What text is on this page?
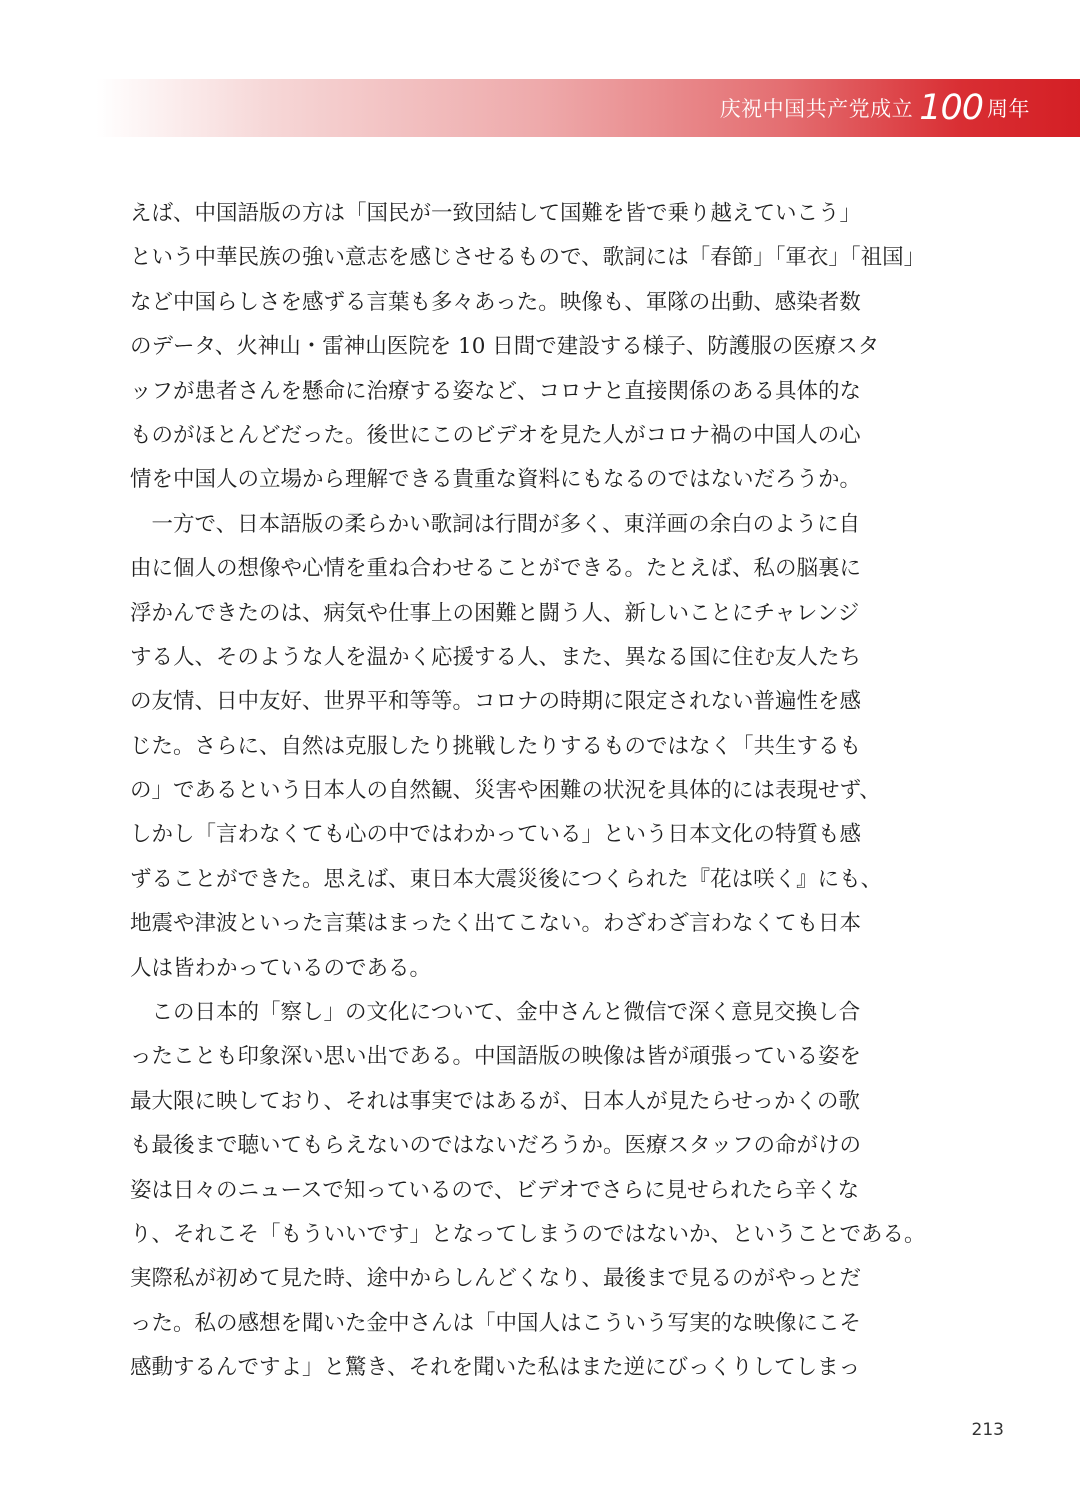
庆祝中国共产党成立 100 周年
えば、中国語版の方は「国民が一致団結して国難を皆で乗り越えていこう」
という中華民族の強い意志を感じさせるもので、歌詞には「春節」「軍衣」「祖国」
など中国らしさを感ずる言葉も多々あった。映像も、軍隊の出動、感染者数
のデータ、火神山・雷神山医院を 10 日間で建設する様子、防護服の医療スタ
ッフが患者さんを懸命に治療する姿など、コロナと直接関係のある具体的な
ものがほとんどだった。後世にこのビデオを見た人がコロナ禍の中国人の心
情を中国人の立場から理解できる貴重な資料にもなるのではないだろうか。
　一方で、日本語版の柔らかい歌詞は行間が多く、東洋画の余白のように自
由に個人の想像や心情を重ね合わせることができる。たとえば、私の脳裏に
浮かんできたのは、病気や仕事上の困難と闘う人、新しいことにチャレンジ
する人、そのような人を温かく応援する人、また、異なる国に住む友人たち
の友情、日中友好、世界平和等等。コロナの時期に限定されない普遍性を感
じた。さらに、自然は克服したり挑戦したりするものではなく「共生するも
の」であるという日本人の自然観、災害や困難の状況を具体的には表現せず、
しかし「言わなくても心の中ではわかっている」という日本文化の特質も感
ずることができた。思えば、東日本大震災後につくられた『花は咲く』にも、
地震や津波といった言葉はまったく出てこない。わざわざ言わなくても日本
人は皆わかっているのである。
　この日本的「察し」の文化について、金中さんと微信で深く意見交換し合
ったことも印象深い思い出である。中国語版の映像は皆が頑張っている姿を
最大限に映しており、それは事実ではあるが、日本人が見たらせっかくの歌
も最後まで聴いてもらえないのではないだろうか。医療スタッフの命がけの
姿は日々のニュースで知っているので、ビデオでさらに見せられたら辛くな
り、それこそ「もういいです」となってしまうのではないか、ということである。
実際私が初めて見た時、途中からしんどくなり、最後まで見るのがやっとだ
った。私の感想を聞いた金中さんは「中国人はこういう写実的な映像にこそ
感動するんですよ」と驚き、それを聞いた私はまた逆にびっくりしてしまっ
213
